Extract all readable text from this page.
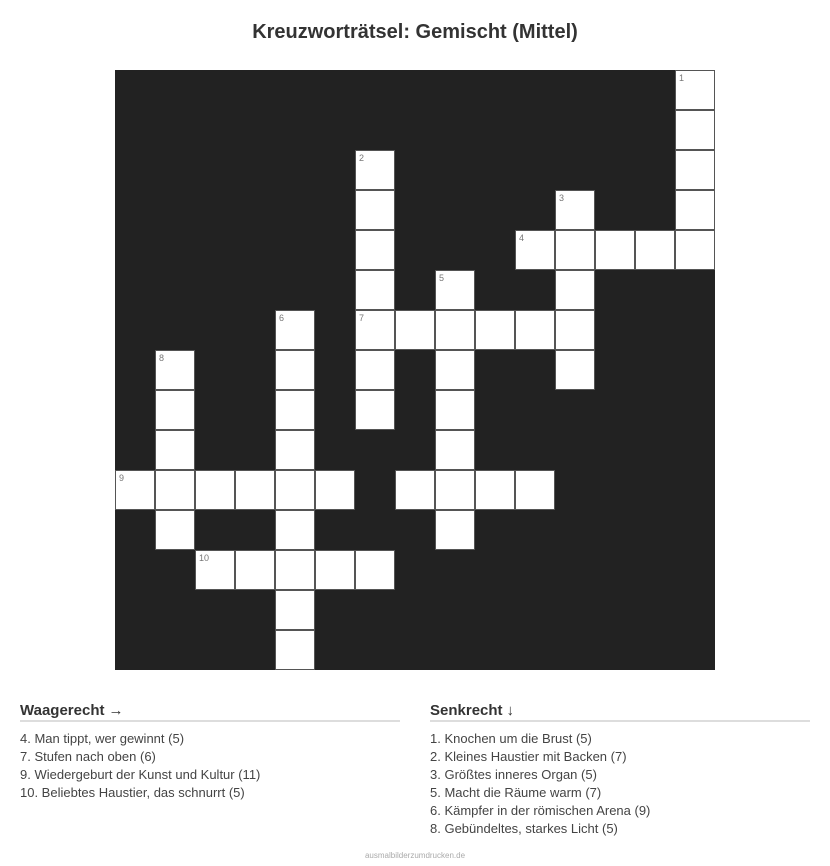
Kreuzworträtsel: Gemischt (Mittel)
1
2
7
3
4
5
6
8
9
10
Waagerecht →
4. Man tippt, wer gewinnt (5)
7. Stufen nach oben (6)
9. Wiedergeburt der Kunst und Kultur (11)
10. Beliebtes Haustier, das schnurrt (5)
Senkrecht ↓
1. Knochen um die Brust (5)
2. Kleines Haustier mit Backen (7)
3. Größtes inneres Organ (5)
5. Macht die Räume warm (7)
6. Kämpfer in der römischen Arena (9)
8. Gebündeltes, starkes Licht (5)
ausmalbilderzumdrucken.de
